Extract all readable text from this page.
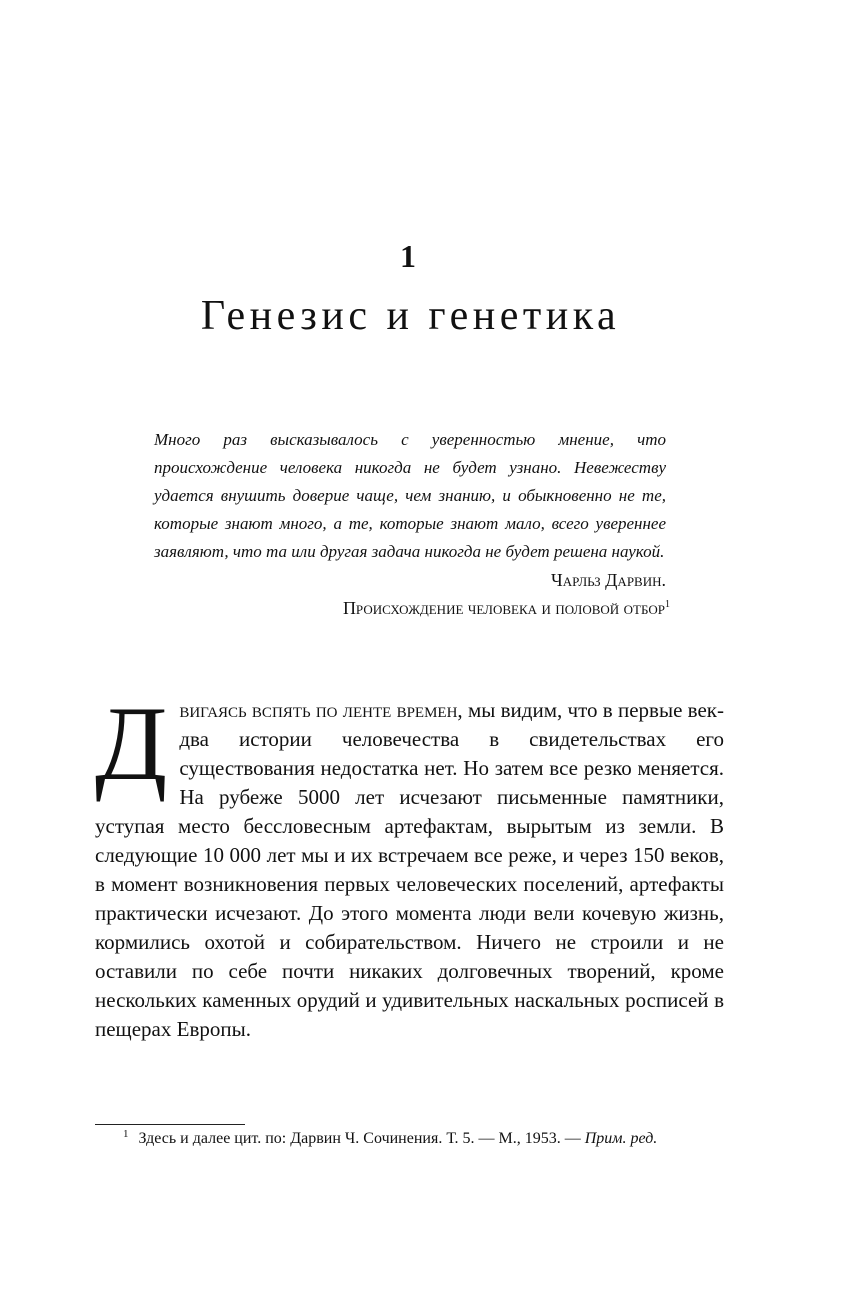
1
Генезис и генетика

Много раз высказывалось с уверенностью мнение, что происхождение человека никогда не будет узнано. Невежеству удается внушить доверие чаще, чем знанию, и обыкновенно не те, которые знают много, а те, которые знают мало, всего увереннее заявляют, что та или другая задача никогда не будет решена наукой.

Чарльз Дарвин.

Происхождение человека и половой отбор$^1$

Двигаясь вспять по ленте времен, мы видим, что в первые век-два истории человечества в свидетельствах его существования недостатка нет. Но затем все резко меняется. На рубеже 5000 лет исчезают письменные памятники, уступая место бессловесным артефактам, вырытым из земли. В следующие 10 000 лет мы и их встречаем все реже, и через 150 веков, в момент возникновения первых человеческих поселений, артефакты практически исчезают. До этого момента люди вели кочевую жизнь, кормились охотой и собирательством. Ничего не строили и не оставили по себе почти никаких долговечных творений, кроме нескольких каменных орудий и удивительных наскальных росписей в пещерах Европы.

$^1$ Здесь и далее цит. по: Дарвин Ч. Сочинения. Т. 5. — М., 1953. — Прим. ред.
